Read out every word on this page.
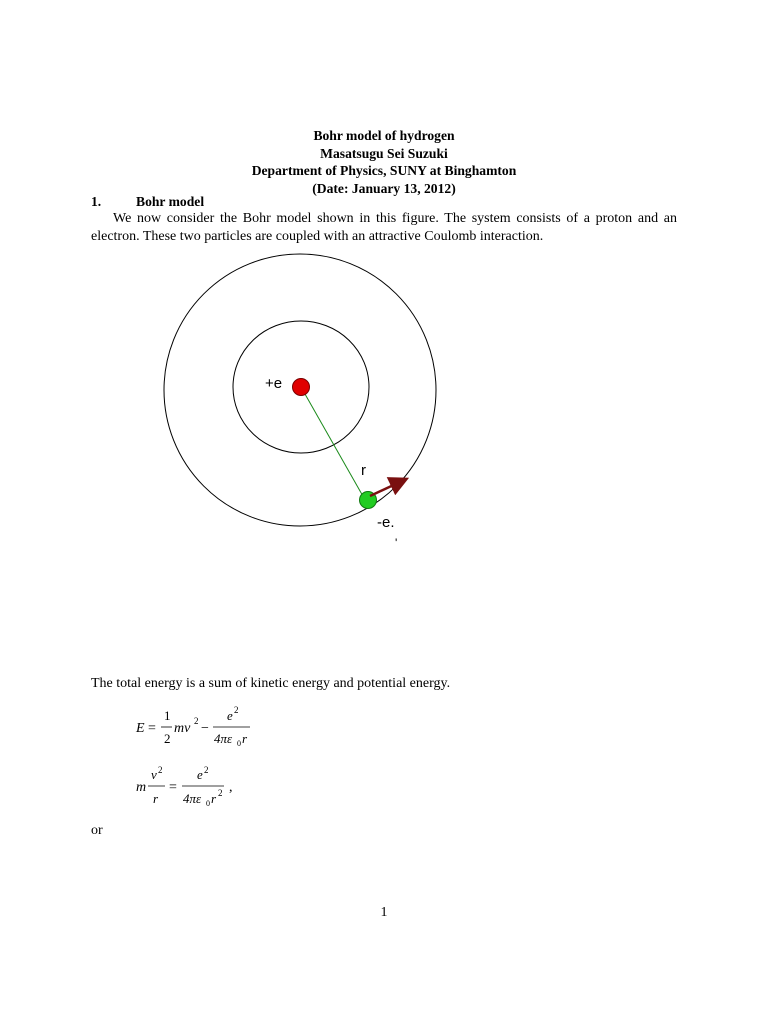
Bohr model of hydrogen
Masatsugu Sei Suzuki
Department of Physics, SUNY at Binghamton
(Date: January 13, 2012)
1.	Bohr model
We now consider the Bohr model shown in this figure. The system consists of a proton and an electron. These two particles are coupled with an attractive Coulomb interaction.
+e
r
-e.
'
The total energy is a sum of kinetic energy and potential energy.
E =
1
2
mv 2 −
e 2
4πε 0 r
m
v 2
r
=
e 2
4πε 0 r 2 ,
or
1
